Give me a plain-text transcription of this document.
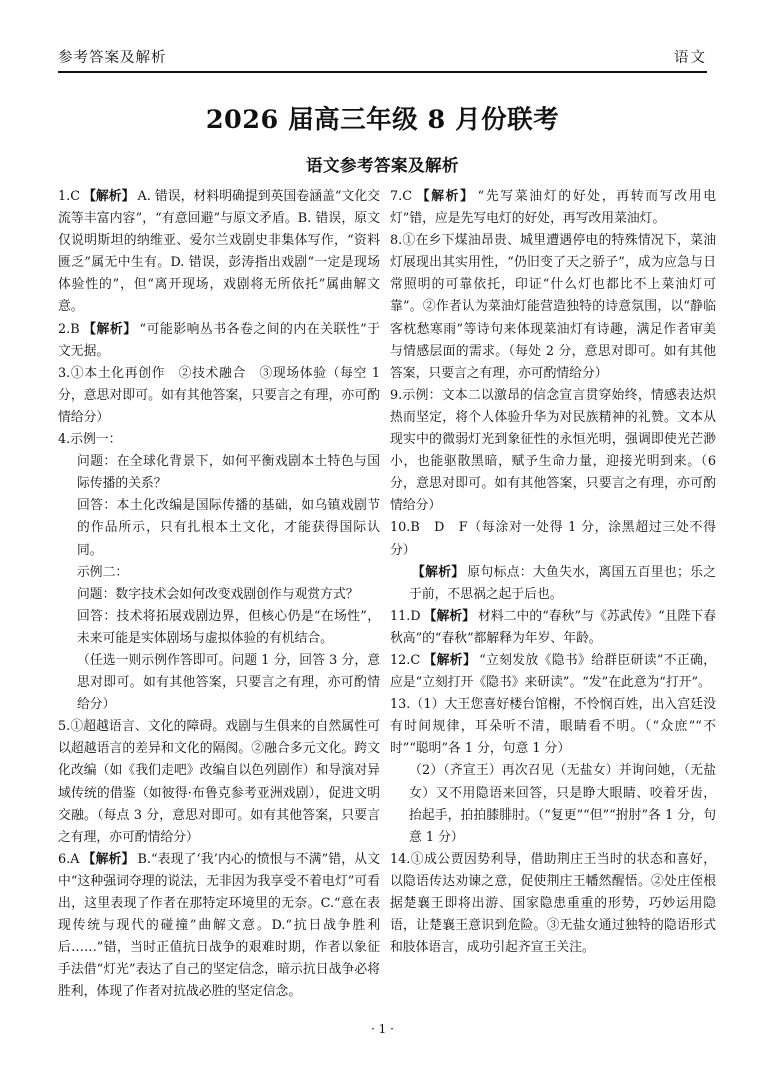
参考答案及解析	语文
2026 届高三年级 8 月份联考
语文参考答案及解析
1.C 【解析】 A. 错误，材料明确提到英国卷涵盖“文化交流等丰富内容”，“有意回避”与原文矛盾。B. 错误，原文仅说明斯坦的纳维亚、爱尔兰戏剧史非集体写作，“资料匮乏”属无中生有。D. 错误，彭涛指出戏剧“一定是现场体验性的”，但“离开现场，戏剧将无所依托”属曲解文意。
2.B 【解析】 “可能影响丛书各卷之间的内在关联性”于文无据。
3.①本土化再创作　②技术融合　③现场体验（每空 1 分，意思对即可。如有其他答案，只要言之有理，亦可酌情给分）
4.示例一：
问题：在全球化背景下，如何平衡戏剧本土特色与国际传播的关系？
回答：本土化改编是国际传播的基础，如乌镇戏剧节的作品所示，只有扎根本土文化，才能获得国际认同。
示例二：
问题：数字技术会如何改变戏剧创作与观赏方式？
回答：技术将拓展戏剧边界，但核心仍是“在场性”，未来可能是实体剧场与虚拟体验的有机结合。
（任选一则示例作答即可。问题 1 分，回答 3 分，意思对即可。如有其他答案，只要言之有理，亦可酌情给分）
5.①超越语言、文化的障碍。戏剧与生俱来的自然属性可以超越语言的差异和文化的隔阂。②融合多元文化。跨文化改编（如《我们走吧》改编自以色列剧作）和导演对异域传统的借鉴（如彼得·布鲁克参考亚洲戏剧），促进文明交融。（每点 3 分，意思对即可。如有其他答案，只要言之有理，亦可酌情给分）
6.A 【解析】 B.“表现了‘我’内心的愤恨与不满”错，从文中“这种强词夺理的说法，无非因为我享受不着电灯”可看出，这里表现了作者在那特定环境里的无奈。C.“意在表现传统与现代的碰撞”曲解文意。D.“抗日战争胜利后……”错，当时正值抗日战争的艰难时期，作者以象征手法借“灯光”表达了自己的坚定信念，暗示抗日战争必将胜利，体现了作者对抗战必胜的坚定信念。
7.C 【解析】 “先写菜油灯的好处，再转而写改用电灯”错，应是先写电灯的好处，再写改用菜油灯。
8.①在乡下煤油昂贵、城里遭遇停电的特殊情况下，菜油灯展现出其实用性，“仍旧变了天之骄子”，成为应急与日常照明的可靠依托，印证“什么灯也都比不上菜油灯可靠”。②作者认为菜油灯能营造独特的诗意氛围，以“静临客枕愁寒雨”等诗句来体现菜油灯有诗趣，满足作者审美与情感层面的需求。（每处 2 分，意思对即可。如有其他答案，只要言之有理，亦可酌情给分）
9.示例：文本二以激昂的信念宣言贯穿始终，情感表达炽热而坚定，将个人体验升华为对民族精神的礼赞。文本从现实中的微弱灯光到象征性的永恒光明，强调即使光芒渺小，也能驱散黑暗，赋予生命力量，迎接光明到来。（6 分，意思对即可。如有其他答案，只要言之有理，亦可酌情给分）
10.B　D　F（每涂对一处得 1 分，涂黑超过三处不得分）
【解析】 原句标点：大鱼失水，离国五百里也；乐之于前，不思祸之起于后也。
11.D 【解析】 材料二中的“春秋”与《苏武传》“且陛下春秋高”的“春秋”都解释为年岁、年龄。
12.C 【解析】 “立刻发放《隐书》给群臣研读”不正确，应是“立刻打开《隐书》来研读”。“发”在此意为“打开”。
13.（1）大王您喜好楼台馆榭，不怜悯百姓，出入宫廷没有时间规律，耳朵听不清，眼睛看不明。（“众庶”“不时”“聪明”各 1 分，句意 1 分）
（2）（齐宣王）再次召见（无盐女）并询问她，（无盐女）又不用隐语来回答，只是睁大眼睛、咬着牙齿，抬起手，拍拍膝腓肘。（“复更”“但”“拊肘”各 1 分，句意 1 分）
14.①成公贾因势利导，借助荆庄王当时的状态和喜好，以隐语传达劝谏之意，促使荆庄王幡然醒悟。②处庄侄根据楚襄王即将出游、国家隐患重重的形势，巧妙运用隐语，让楚襄王意识到危险。③无盐女通过独特的隐语形式和肢体语言，成功引起齐宣王关注。
· 1 ·
